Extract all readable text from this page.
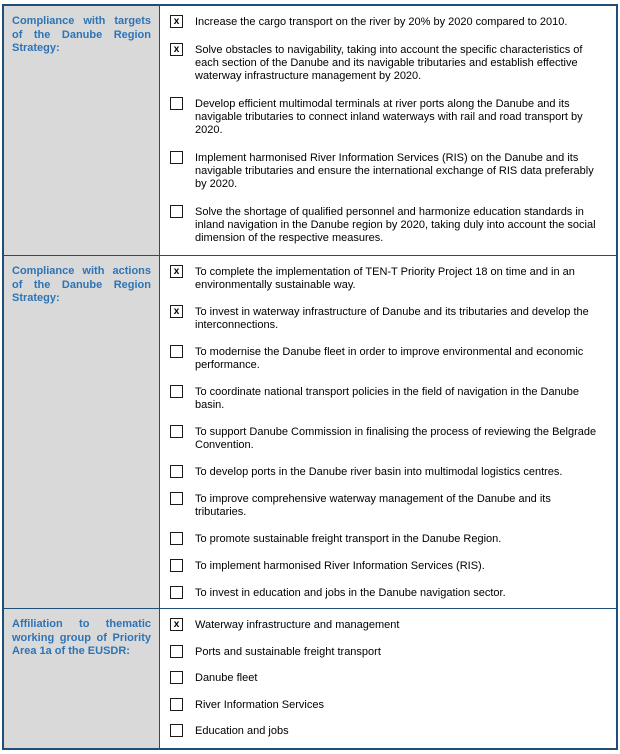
Compliance with targets of the Danube Region Strategy:
x	Increase the cargo transport on the river by 20% by 2020 compared to 2010.
x	Solve obstacles to navigability, taking into account the specific characteristics of each section of the Danube and its navigable tributaries and establish effective waterway infrastructure management by 2020.
Develop efficient multimodal terminals at river ports along the Danube and its navigable tributaries to connect inland waterways with rail and road transport by 2020.
Implement harmonised River Information Services (RIS) on the Danube and its navigable tributaries and ensure the international exchange of RIS data preferably by 2020.
Solve the shortage of qualified personnel and harmonize education standards in inland navigation in the Danube region by 2020, taking duly into account the social dimension of the respective measures.
Compliance with actions of the Danube Region Strategy:
x	To complete the implementation of TEN-T Priority Project 18 on time and in an environmentally sustainable way.
x	To invest in waterway infrastructure of Danube and its tributaries and develop the interconnections.
To modernise the Danube fleet in order to improve environmental and economic performance.
To coordinate national transport policies in the field of navigation in the Danube basin.
To support Danube Commission in finalising the process of reviewing the Belgrade Convention.
To develop ports in the Danube river basin into multimodal logistics centres.
To improve comprehensive waterway management of the Danube and its tributaries.
To promote sustainable freight transport in the Danube Region.
To implement harmonised River Information Services (RIS).
To invest in education and jobs in the Danube navigation sector.
Affiliation to thematic working group of Priority Area 1a of the EUSDR:
x	Waterway infrastructure and management
Ports and sustainable freight transport
Danube fleet
River Information Services
Education and jobs
